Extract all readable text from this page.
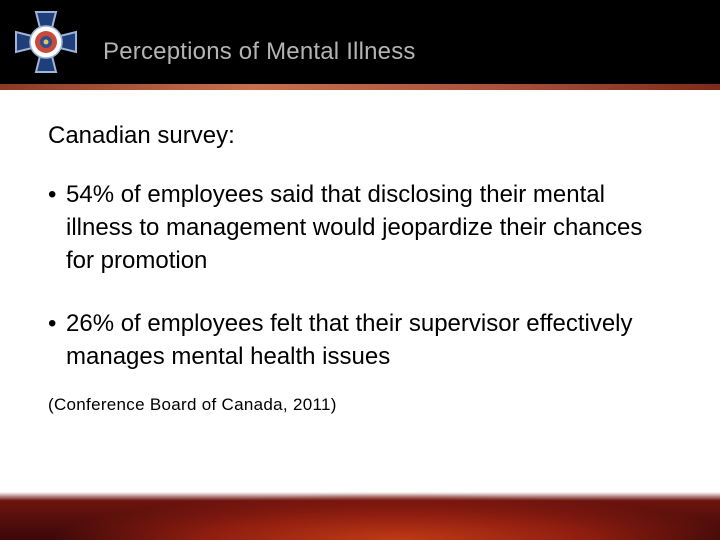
Perceptions of Mental Illness
Canadian survey:
• 54% of employees said that disclosing their mental illness to management would jeopardize their chances for promotion
• 26% of employees felt that their supervisor effectively manages mental health issues
(Conference Board of Canada, 2011)
